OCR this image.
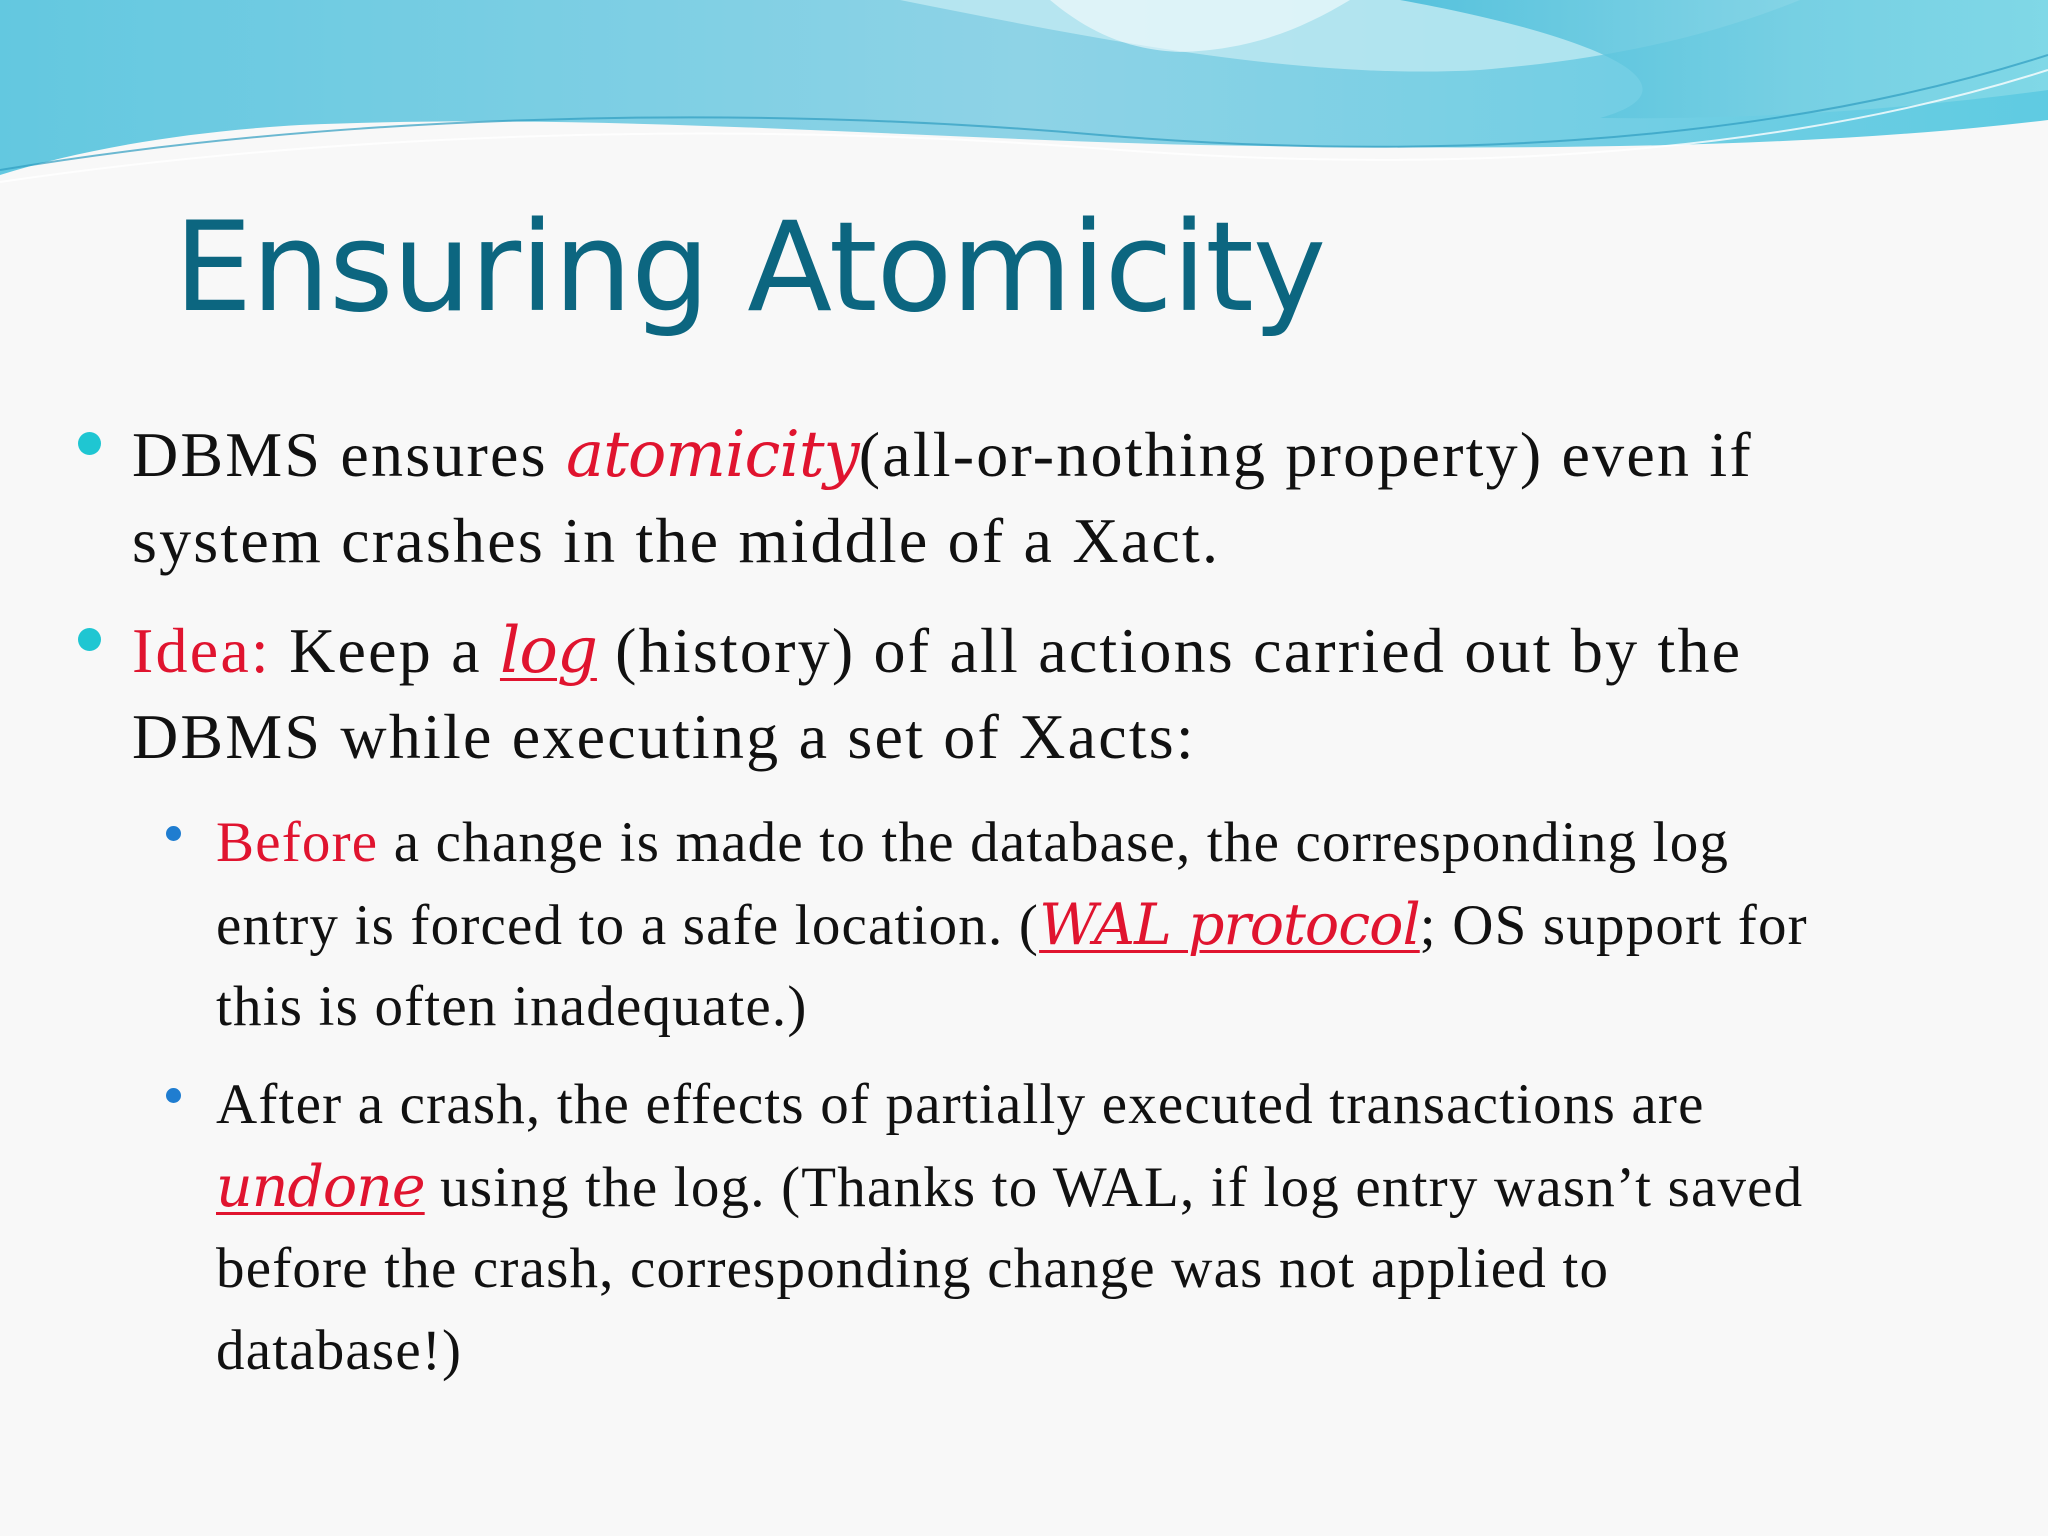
Ensuring Atomicity
DBMS ensures atomicity(all-or-nothing property) even if
system crashes in the middle of a Xact.
Idea: Keep a log (history) of all actions carried out by the
DBMS while executing a set of Xacts:
Before a change is made to the database, the corresponding log
entry is forced to a safe location. (WAL protocol; OS support for
this is often inadequate.)
After a crash, the effects of partially executed transactions are
undone using the log. (Thanks to WAL, if log entry wasn’t saved
before the crash, corresponding change was not applied to
database!)
